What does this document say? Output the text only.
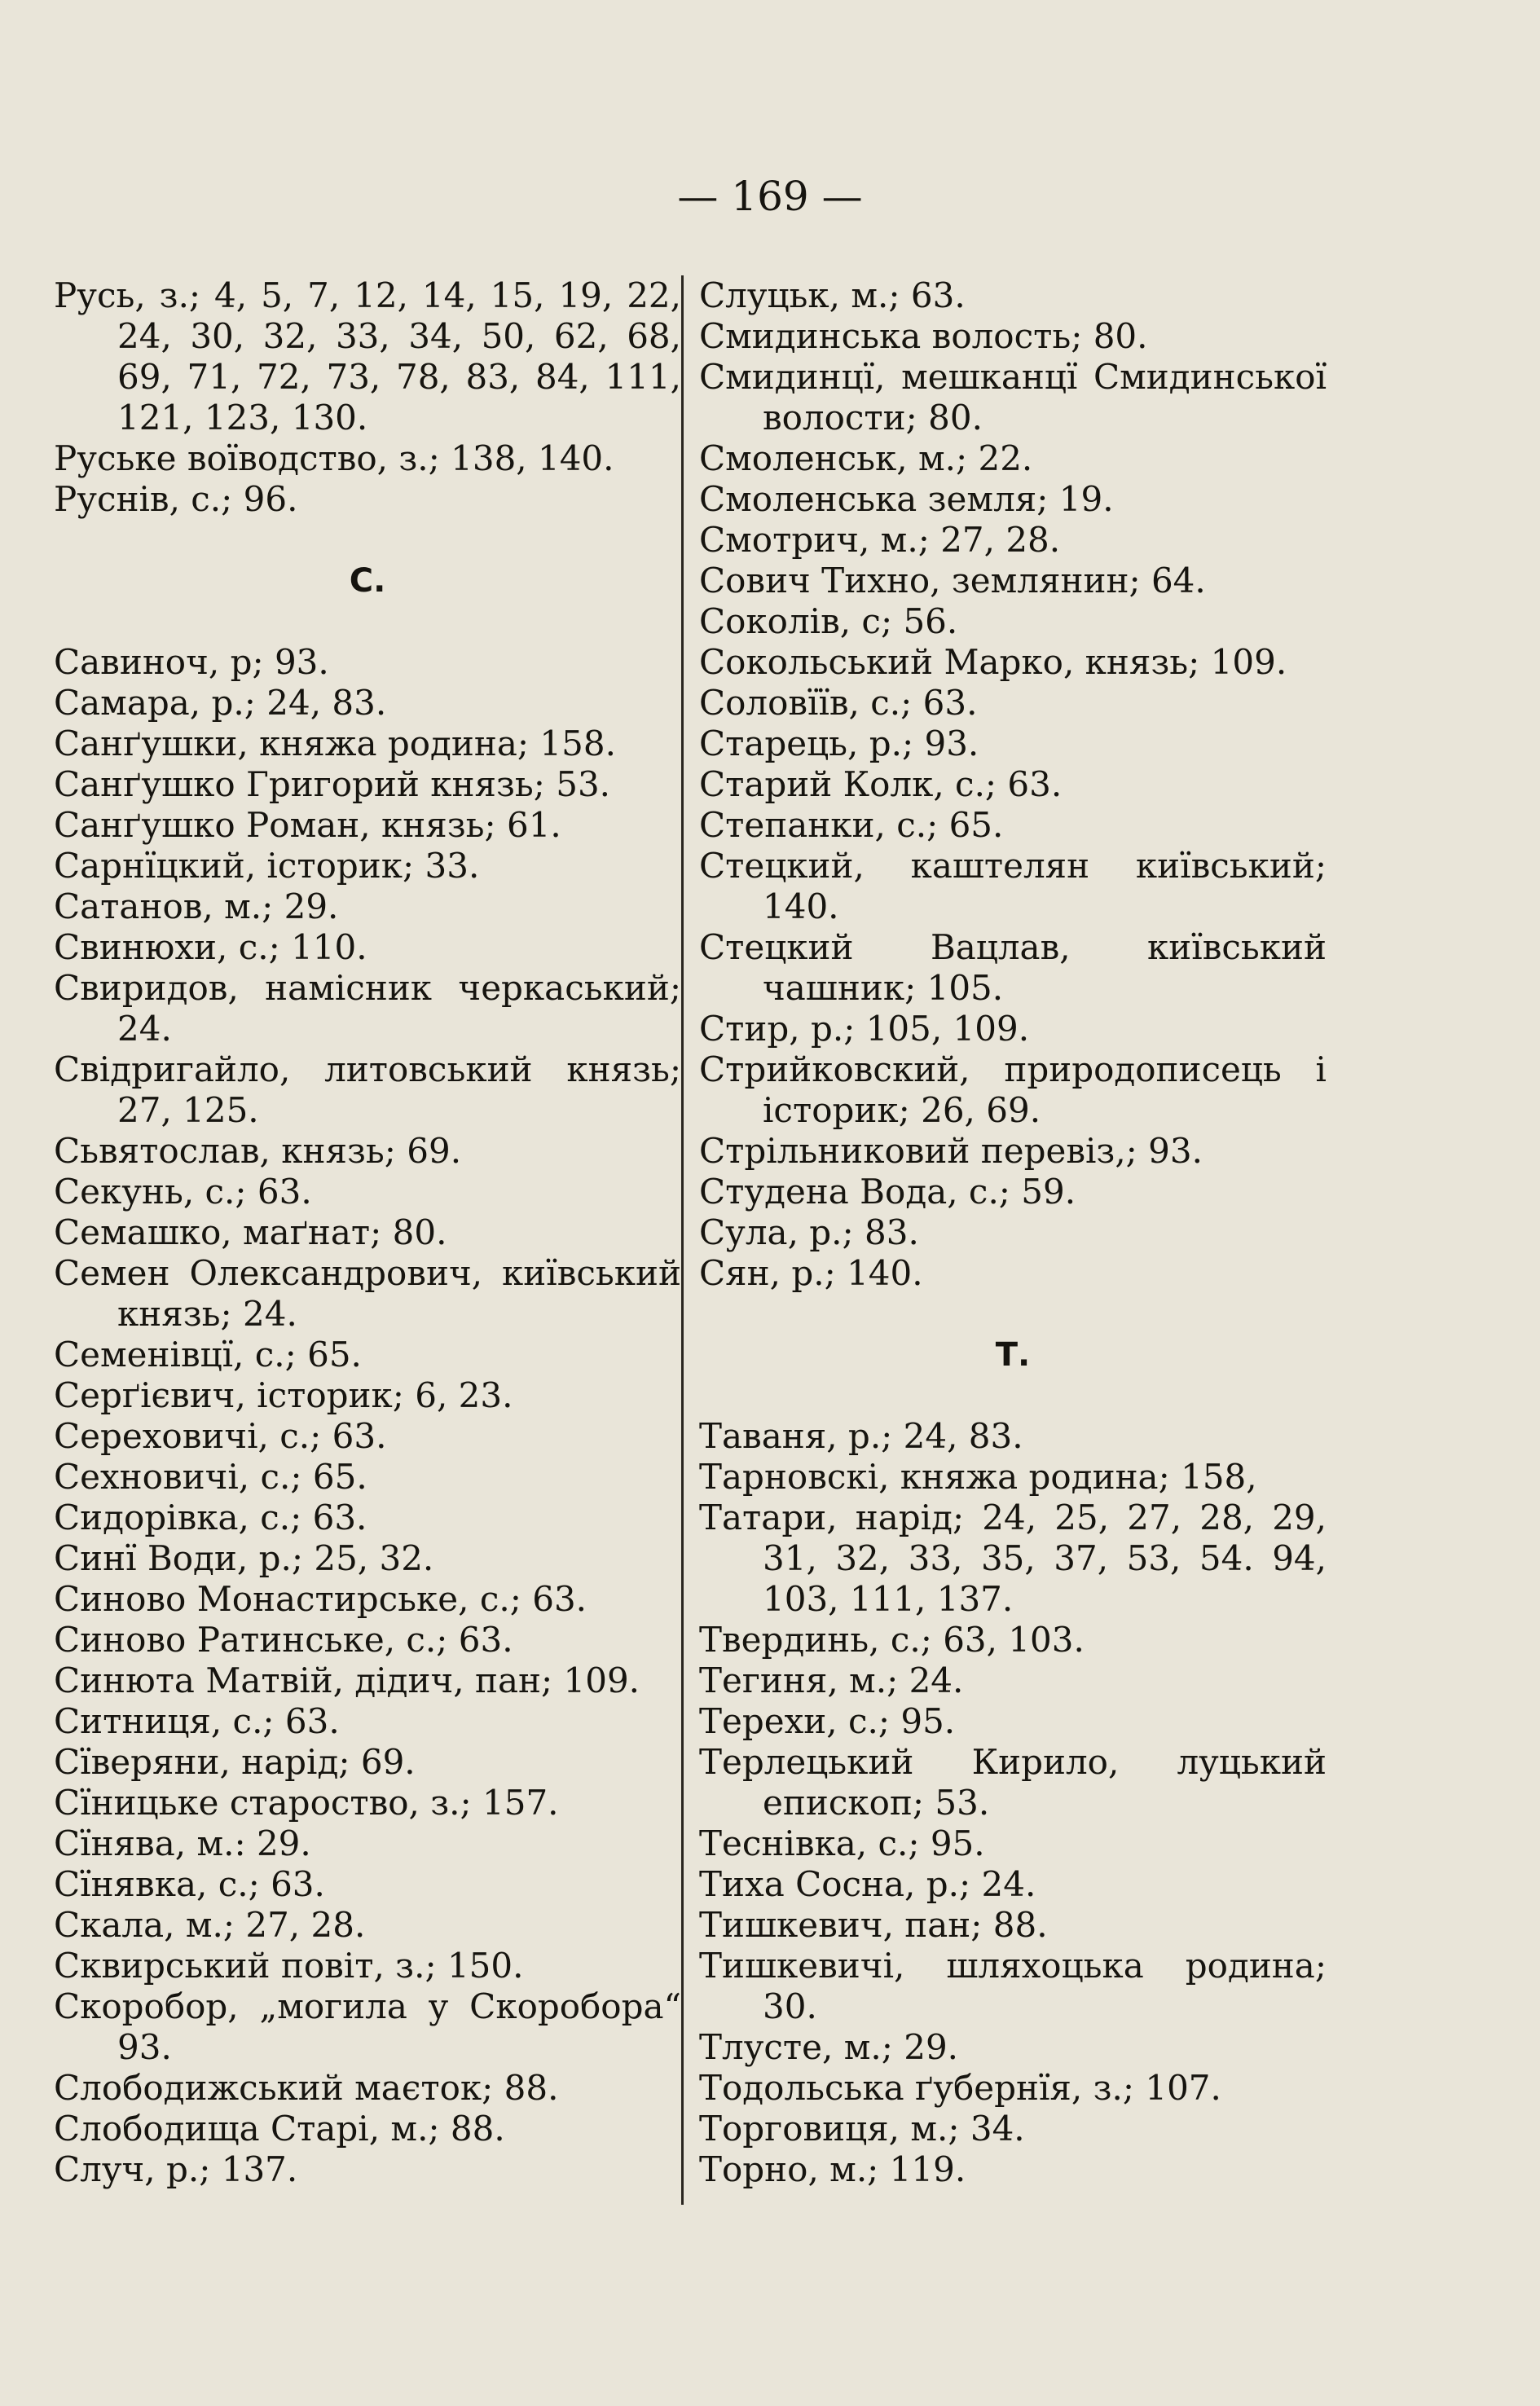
— 169 —

Русь, з.; 4, 5, 7, 12, 14, 15, 19, 22, 24, 30, 32, 33, 34, 50, 62, 68, 69, 71, 72, 73, 78, 83, 84, 111, 121, 123, 130.

Руське воїводство, з.; 138, 140.

Руснів, с.; 96.

С.

Савиноч, р; 93.

Самара, р.; 24, 83.

Санґушки, княжа родина; 158.

Санґушко Григорий князь; 53.

Санґушко Роман, князь; 61.

Сарнїцкий, історик; 33.

Сатанов, м.; 29.

Свинюхи, с.; 110.

Свиридов, намісник черкаський; 24.

Свідригайло, литовський князь; 27, 125.

Сьвятослав, князь; 69.

Секунь, с.; 63.

Семашко, маґнат; 80.

Семен Олександрович, київський князь; 24.

Семенівцї, с.; 65.

Серґієвич, історик; 6, 23.

Сереховичі, с.; 63.

Сехновичі, с.; 65.

Сидорівка, с.; 63.

Синї Води, р.; 25, 32.

Синово Монастирське, с.; 63.

Синово Ратинське, с.; 63.

Синюта Матвій, дідич, пан; 109.

Ситниця, с.; 63.

Сїверяни, нарід; 69.

Сїницьке староство, з.; 157.

Сїнява, м.: 29.

Сїнявка, с.; 63.

Скала, м.; 27, 28.

Сквирський повіт, з.; 150.

Скоробор, „могила у Скоробора“ 93.

Слободижський маєток; 88.

Слободища Старі, м.; 88.

Случ, р.; 137.

Слуцьк, м.; 63.

Смидинська волость; 80.

Смидинцї, мешканцї Смидинської волости; 80.

Смоленськ, м.; 22.

Смоленська земля; 19.

Смотрич, м.; 27, 28.

Сович Тихно, землянин; 64.

Соколів, с; 56.

Сокольський Марко, князь; 109.

Соловїїв, с.; 63.

Старець, р.; 93.

Старий Колк, с.; 63.

Степанки, с.; 65.

Стецкий, каштелян київський; 140.

Стецкий Вацлав, київський чашник; 105.

Стир, р.; 105, 109.

Стрийковский, природописець і історик; 26, 69.

Стрільниковий перевіз,; 93.

Студена Вода, с.; 59.

Сула, р.; 83.

Сян, р.; 140.

Т.

Таваня, р.; 24, 83.

Тарновскі, княжа родина; 158,

Татари, нарід; 24, 25, 27, 28, 29, 31, 32, 33, 35, 37, 53, 54. 94, 103, 111, 137.

Твердинь, с.; 63, 103.

Тегиня, м.; 24.

Терехи, с.; 95.

Терлецький Кирило, луцький епископ; 53.

Теснівка, с.; 95.

Тиха Сосна, р.; 24.

Тишкевич, пан; 88.

Тишкевичі, шляхоцька родина; 30.

Тлусте, м.; 29.

Тодольська ґубернїя, з.; 107.

Торговиця, м.; 34.

Торно, м.; 119.
